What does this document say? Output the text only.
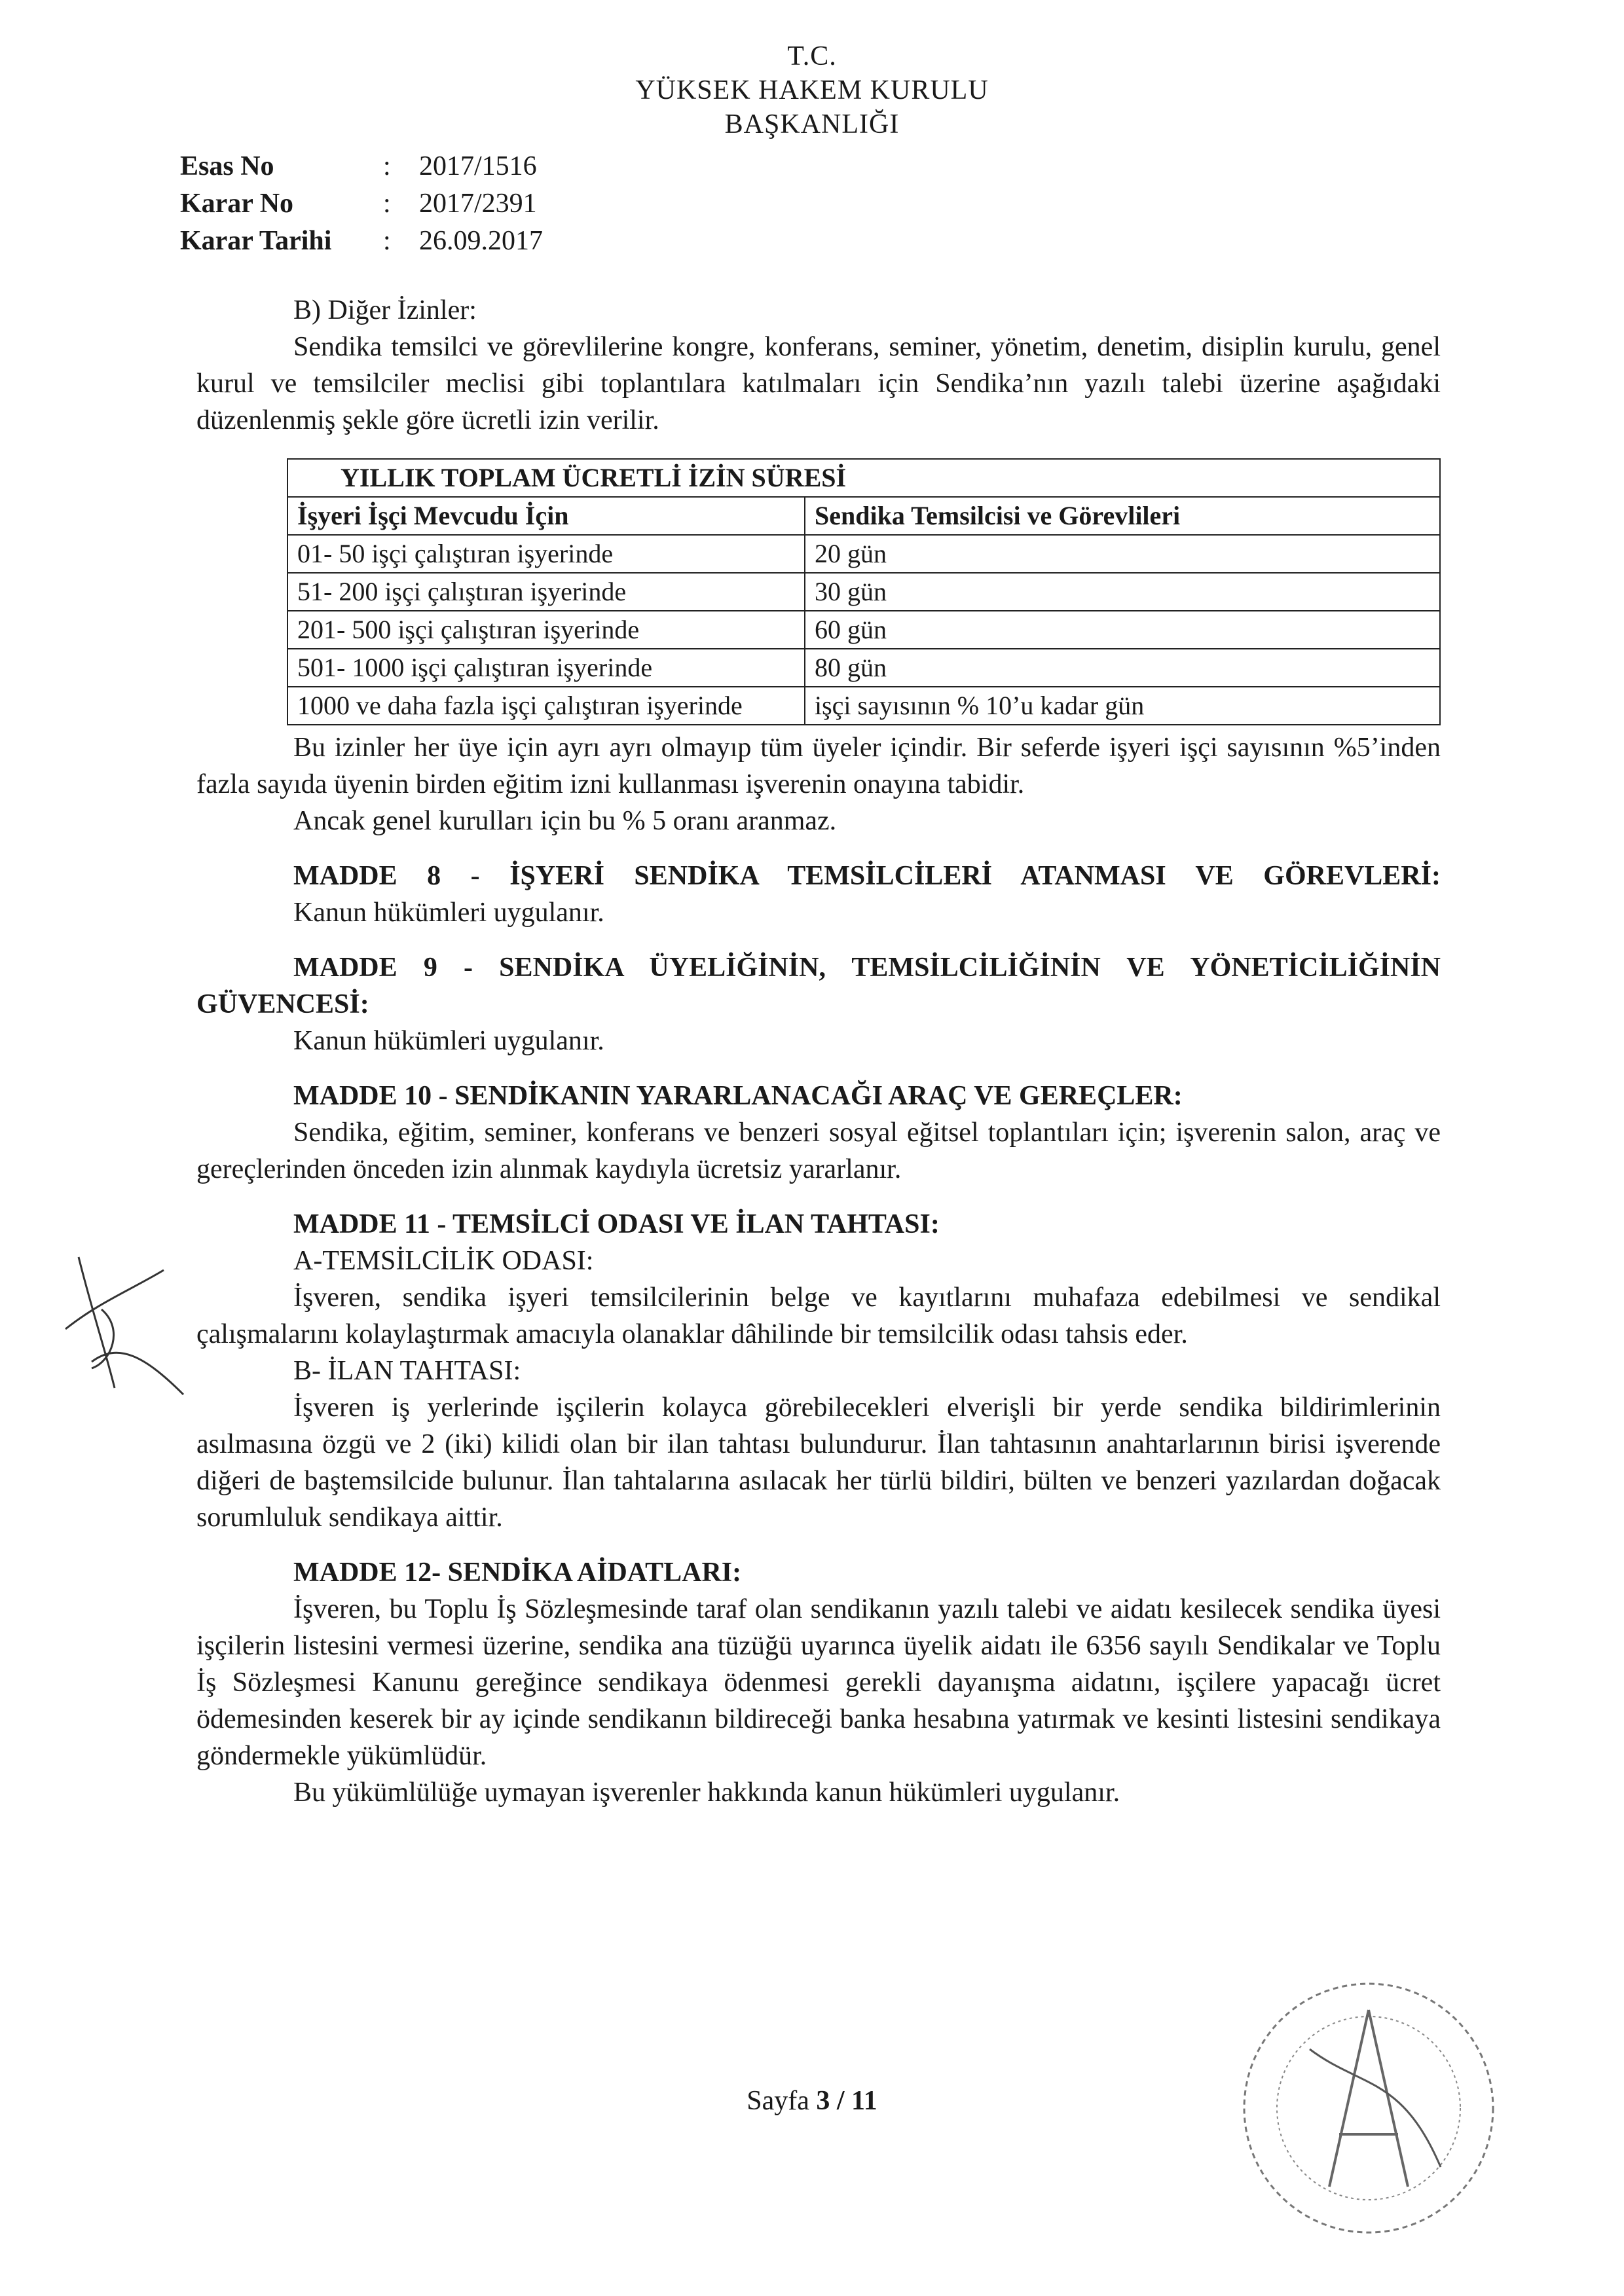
T.C.
YÜKSEK HAKEM KURULU
BAŞKANLIĞI
Esas No	:	2017/1516
Karar No	:	2017/2391
Karar Tarihi	:	26.09.2017

B) Diğer İzinler:

Sendika temsilci ve görevlilerine kongre, konferans, seminer, yönetim, denetim, disiplin kurulu, genel kurul ve temsilciler meclisi gibi toplantılara katılmaları için Sendika’nın yazılı talebi üzerine aşağıdaki düzenlenmiş şekle göre ücretli izin verilir.

YILLIK TOPLAM ÜCRETLİ İZİN SÜRESİ	
İşyeri İşçi Mevcudu İçin	Sendika Temsilcisi ve Görevlileri
01- 50 işçi çalıştıran işyerinde	20 gün
51- 200 işçi çalıştıran işyerinde	30 gün
201- 500 işçi çalıştıran işyerinde	60 gün
501- 1000 işçi çalıştıran işyerinde	80 gün
1000 ve daha fazla işçi çalıştıran işyerinde	işçi sayısının % 10’u kadar gün

Bu izinler her üye için ayrı ayrı olmayıp tüm üyeler içindir. Bir seferde işyeri işçi sayısının %5’inden fazla sayıda üyenin birden eğitim izni kullanması işverenin onayına tabidir.

Ancak genel kurulları için bu % 5 oranı aranmaz.

MADDE 8 - İŞYERİ SENDİKA TEMSİLCİLERİ ATANMASI VE GÖREVLERİ:

Kanun hükümleri uygulanır.

MADDE 9 - SENDİKA ÜYELİĞİNİN, TEMSİLCİLİĞİNİN VE YÖNETİCİLİĞİNİN GÜVENCESİ:

Kanun hükümleri uygulanır.

MADDE 10 - SENDİKANIN YARARLANACAĞI ARAÇ VE GEREÇLER:

Sendika, eğitim, seminer, konferans ve benzeri sosyal eğitsel toplantıları için; işverenin salon, araç ve gereçlerinden önceden izin alınmak kaydıyla ücretsiz yararlanır.

MADDE 11 - TEMSİLCİ ODASI VE İLAN TAHTASI:

A-TEMSİLCİLİK ODASI:

İşveren, sendika işyeri temsilcilerinin belge ve kayıtlarını muhafaza edebilmesi ve sendikal çalışmalarını kolaylaştırmak amacıyla olanaklar dâhilinde bir temsilcilik odası tahsis eder.

B- İLAN TAHTASI:

İşveren iş yerlerinde işçilerin kolayca görebilecekleri elverişli bir yerde sendika bildirimlerinin asılmasına özgü ve 2 (iki) kilidi olan bir ilan tahtası bulundurur. İlan tahtasının anahtarlarının birisi işverende diğeri de baştemsilcide bulunur. İlan tahtalarına asılacak her türlü bildiri, bülten ve benzeri yazılardan doğacak sorumluluk sendikaya aittir.

MADDE 12- SENDİKA AİDATLARI:

İşveren, bu Toplu İş Sözleşmesinde taraf olan sendikanın yazılı talebi ve aidatı kesilecek sendika üyesi işçilerin listesini vermesi üzerine, sendika ana tüzüğü uyarınca üyelik aidatı ile 6356 sayılı Sendikalar ve Toplu İş Sözleşmesi Kanunu gereğince sendikaya ödenmesi gerekli dayanışma aidatını, işçilere yapacağı ücret ödemesinden keserek bir ay içinde sendikanın bildireceği banka hesabına yatırmak ve kesinti listesini sendikaya göndermekle yükümlüdür.

Bu yükümlülüğe uymayan işverenler hakkında kanun hükümleri uygulanır.

Sayfa 3 / 11
